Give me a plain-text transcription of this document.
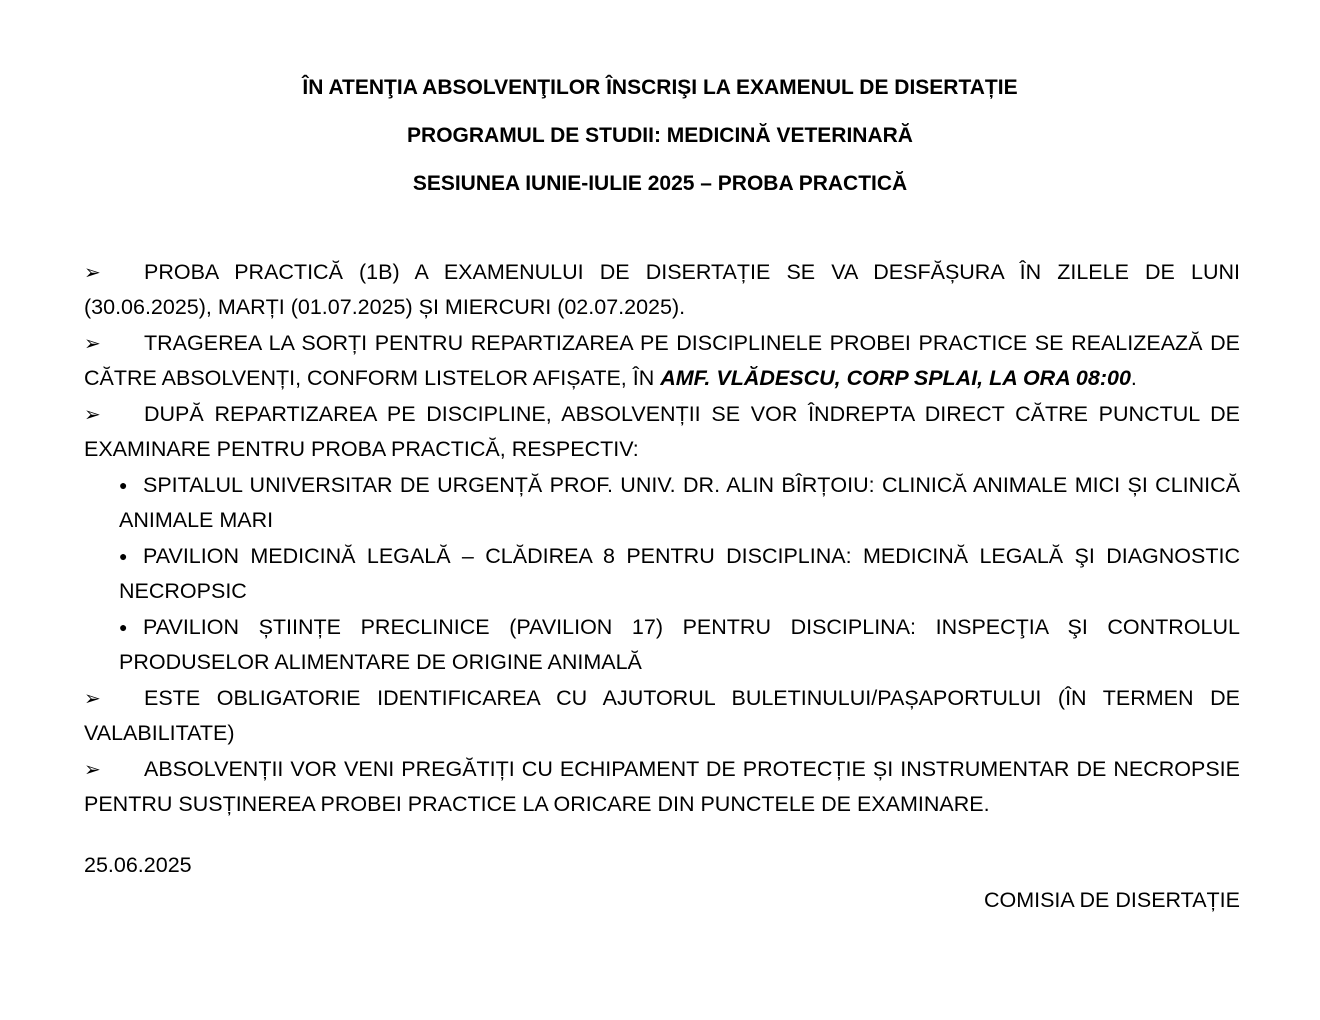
ÎN ATENŢIA ABSOLVENŢILOR ÎNSCRIŞI LA EXAMENUL DE DISERTAȚIE
PROGRAMUL DE STUDII: MEDICINĂ VETERINARĂ
SESIUNEA IUNIE-IULIE 2025 – PROBA PRACTICĂ

➢ PROBA PRACTICĂ (1B) A EXAMENULUI DE DISERTAȚIE SE VA DESFĂȘURA ÎN ZILELE DE LUNI (30.06.2025), MARȚI (01.07.2025) ȘI MIERCURI (02.07.2025).

➢ TRAGEREA LA SORȚI PENTRU REPARTIZAREA PE DISCIPLINELE PROBEI PRACTICE SE REALIZEAZĂ DE CĂTRE ABSOLVENȚI, CONFORM LISTELOR AFIȘATE, ÎN AMF. VLĂDESCU, CORP SPLAI, LA ORA 08:00.

➢ DUPĂ REPARTIZAREA PE DISCIPLINE, ABSOLVENȚII SE VOR ÎNDREPTA DIRECT CĂTRE PUNCTUL DE EXAMINARE PENTRU PROBA PRACTICĂ, RESPECTIV:

● SPITALUL UNIVERSITAR DE URGENȚĂ PROF. UNIV. DR. ALIN BÎRȚOIU: CLINICĂ ANIMALE MICI ȘI CLINICĂ ANIMALE MARI

● PAVILION MEDICINĂ LEGALĂ – CLĂDIREA 8 PENTRU DISCIPLINA: MEDICINĂ LEGALĂ ŞI DIAGNOSTIC NECROPSIC

● PAVILION ȘTIINȚE PRECLINICE (PAVILION 17) PENTRU DISCIPLINA: INSPECŢIA ŞI CONTROLUL PRODUSELOR ALIMENTARE DE ORIGINE ANIMALĂ

➢ ESTE OBLIGATORIE IDENTIFICAREA CU AJUTORUL BULETINULUI/PAȘAPORTULUI (ÎN TERMEN DE VALABILITATE)

➢ ABSOLVENȚII VOR VENI PREGĂTIȚI CU ECHIPAMENT DE PROTECȚIE ȘI INSTRUMENTAR DE NECROPSIE PENTRU SUSȚINEREA PROBEI PRACTICE LA ORICARE DIN PUNCTELE DE EXAMINARE.

25.06.2025
COMISIA DE DISERTAȚIE
